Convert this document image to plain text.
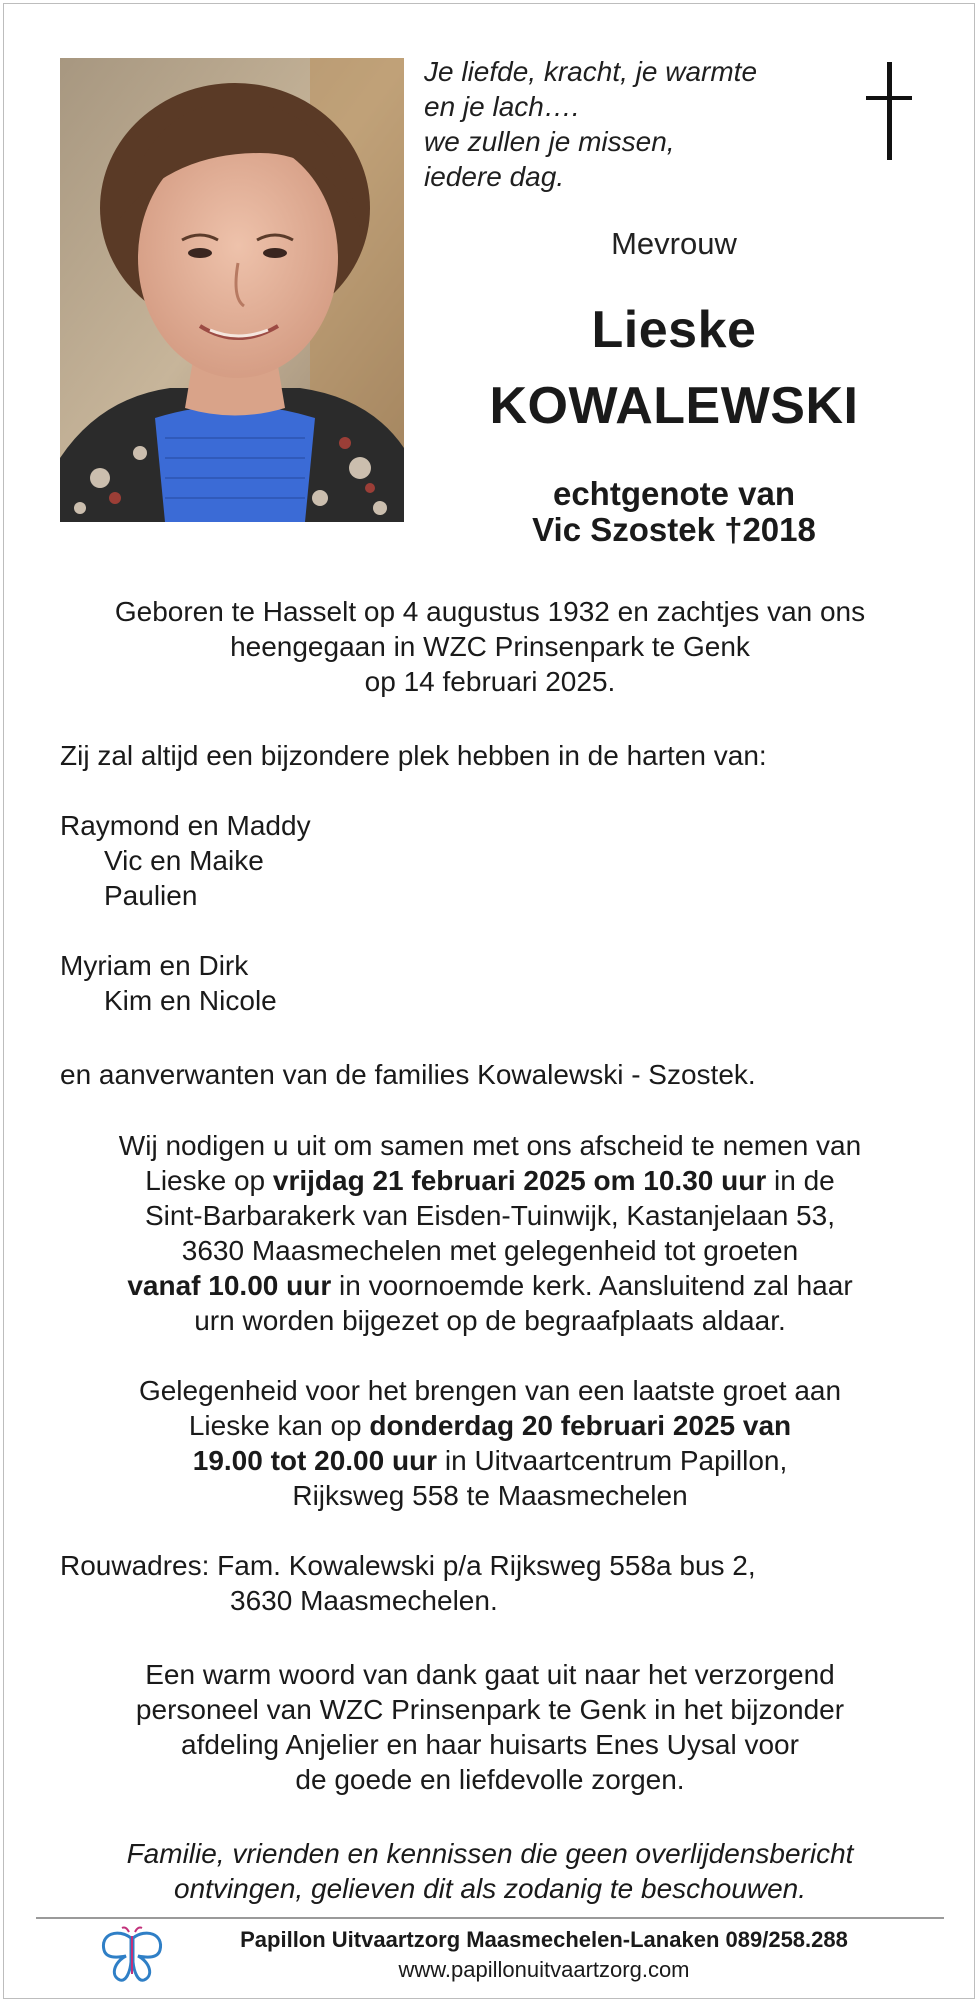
Je liefde, kracht, je warmte
en je lach….
we zullen je missen,
iedere dag.
Mevrouw
Lieske
KOWALEWSKI
echtgenote van
Vic Szostek †2018
Geboren te Hasselt op 4 augustus 1932 en zachtjes van ons
heengegaan in WZC Prinsenpark te Genk
op 14 februari 2025.
Zij zal altijd een bijzondere plek hebben in de harten van:
Raymond en Maddy
Vic en Maike
Paulien
Myriam en Dirk
Kim en Nicole
en aanverwanten van de families Kowalewski - Szostek.
Wij nodigen u uit om samen met ons afscheid te nemen van
Lieske op vrijdag 21 februari 2025 om 10.30 uur in de
Sint-Barbarakerk van Eisden-Tuinwijk, Kastanjelaan 53,
3630 Maasmechelen met gelegenheid tot groeten
vanaf 10.00 uur in voornoemde kerk. Aansluitend zal haar
urn worden bijgezet op de begraafplaats aldaar.
Gelegenheid voor het brengen van een laatste groet aan
Lieske kan op donderdag 20 februari 2025 van
19.00 tot 20.00 uur in Uitvaartcentrum Papillon,
Rijksweg 558 te Maasmechelen
Rouwadres: Fam. Kowalewski p/a Rijksweg 558a bus 2,
3630 Maasmechelen.
Een warm woord van dank gaat uit naar het verzorgend
personeel van WZC Prinsenpark te Genk in het bijzonder
afdeling Anjelier en haar huisarts Enes Uysal voor
de goede en liefdevolle zorgen.
Familie, vrienden en kennissen die geen overlijdensbericht
ontvingen, gelieven dit als zodanig te beschouwen.
Papillon Uitvaartzorg Maasmechelen-Lanaken 089/258.288
www.papillonuitvaartzorg.com
